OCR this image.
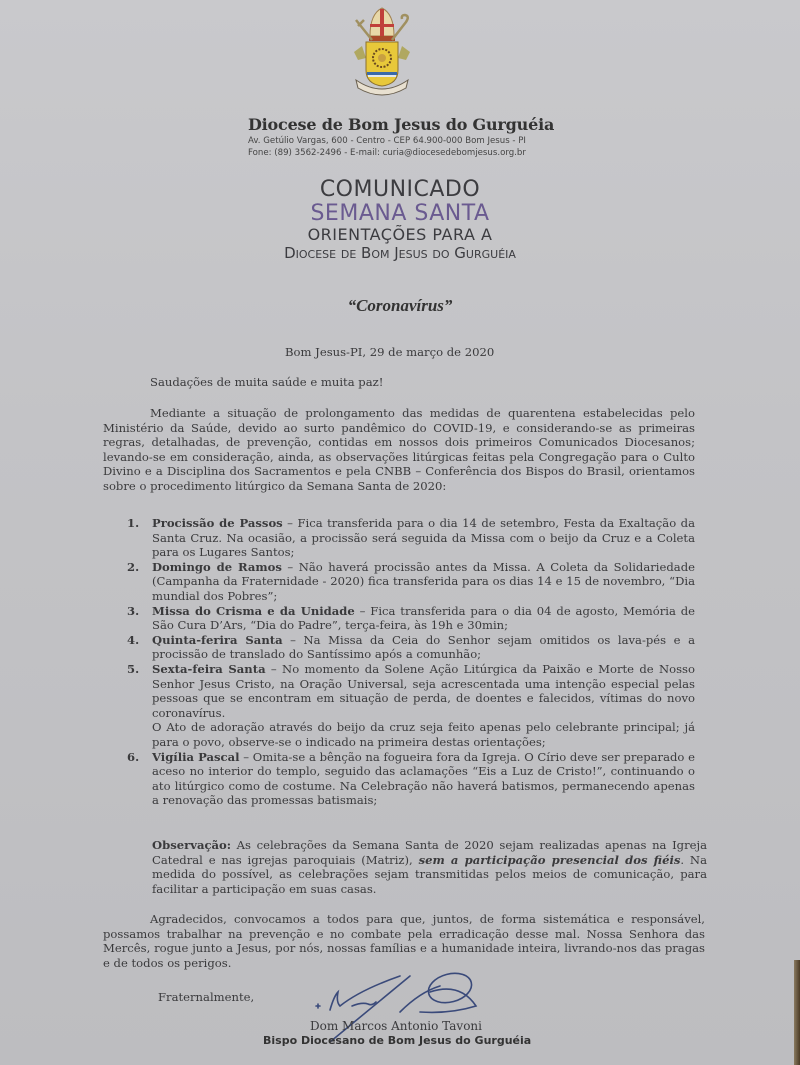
Diocese de Bom Jesus do Gurguéia
Av. Getúlio Vargas, 600 - Centro - CEP 64.900-000 Bom Jesus - PI
Fone: (89) 3562-2496 - E-mail: curia@diocesedebomjesus.org.br
COMUNICADO
SEMANA SANTA
ORIENTAÇÕES PARA A
Diocese de Bom Jesus do Gurguéia
“Coronavírus”
Bom Jesus-PI, 29 de março de 2020
Saudações de muita saúde e muita paz!
Mediante a situação de prolongamento das medidas de quarentena estabelecidas pelo Ministério da Saúde, devido ao surto pandêmico do COVID-19, e considerando-se as primeiras regras, detalhadas, de prevenção, contidas em nossos dois primeiros Comunicados Diocesanos; levando-se em consideração, ainda, as observações litúrgicas feitas pela Congregação para o Culto Divino e a Disciplina dos Sacramentos e pela CNBB – Conferência dos Bispos do Brasil, orientamos sobre o procedimento litúrgico da Semana Santa de 2020:
1. Procissão de Passos – Fica transferida para o dia 14 de setembro, Festa da Exaltação da Santa Cruz. Na ocasião, a procissão será seguida da Missa com o beijo da Cruz e a Coleta para os Lugares Santos;
2. Domingo de Ramos – Não haverá procissão antes da Missa. A Coleta da Solidariedade (Campanha da Fraternidade - 2020) fica transferida para os dias 14 e 15 de novembro, “Dia mundial dos Pobres”;
3. Missa do Crisma e da Unidade – Fica transferida para o dia 04 de agosto, Memória de São Cura D’Ars, “Dia do Padre”, terça-feira, às 19h e 30min;
4. Quinta-ferira Santa – Na Missa da Ceia do Senhor sejam omitidos os lava-pés e a procissão de translado do Santíssimo após a comunhão;
5. Sexta-feira Santa – No momento da Solene Ação Litúrgica da Paixão e Morte de Nosso Senhor Jesus Cristo, na Oração Universal, seja acrescentada uma intenção especial pelas pessoas que se encontram em situação de perda, de doentes e falecidos, vítimas do novo coronavírus.
O Ato de adoração através do beijo da cruz seja feito apenas pelo celebrante principal; já para o povo, observe-se o indicado na primeira destas orientações;
6. Vigília Pascal – Omita-se a bênção na fogueira fora da Igreja. O Círio deve ser preparado e aceso no interior do templo, seguido das aclamações “Eis a Luz de Cristo!”, continuando o ato litúrgico como de costume. Na Celebração não haverá batismos, permanecendo apenas a renovação das promessas batismais;
Observação: As celebrações da Semana Santa de 2020 sejam realizadas apenas na Igreja Catedral e nas igrejas paroquiais (Matriz), sem a participação presencial dos fiéis. Na medida do possível, as celebrações sejam transmitidas pelos meios de comunicação, para facilitar a participação em suas casas.
Agradecidos, convocamos a todos para que, juntos, de forma sistemática e responsável, possamos trabalhar na prevenção e no combate pela erradicação desse mal. Nossa Senhora das Mercês, rogue junto a Jesus, por nós, nossas famílias e a humanidade inteira, livrando-nos das pragas e de todos os perigos.
Fraternalmente,
Dom Marcos Antonio Tavoni
Bispo Diocesano de Bom Jesus do Gurguéia
